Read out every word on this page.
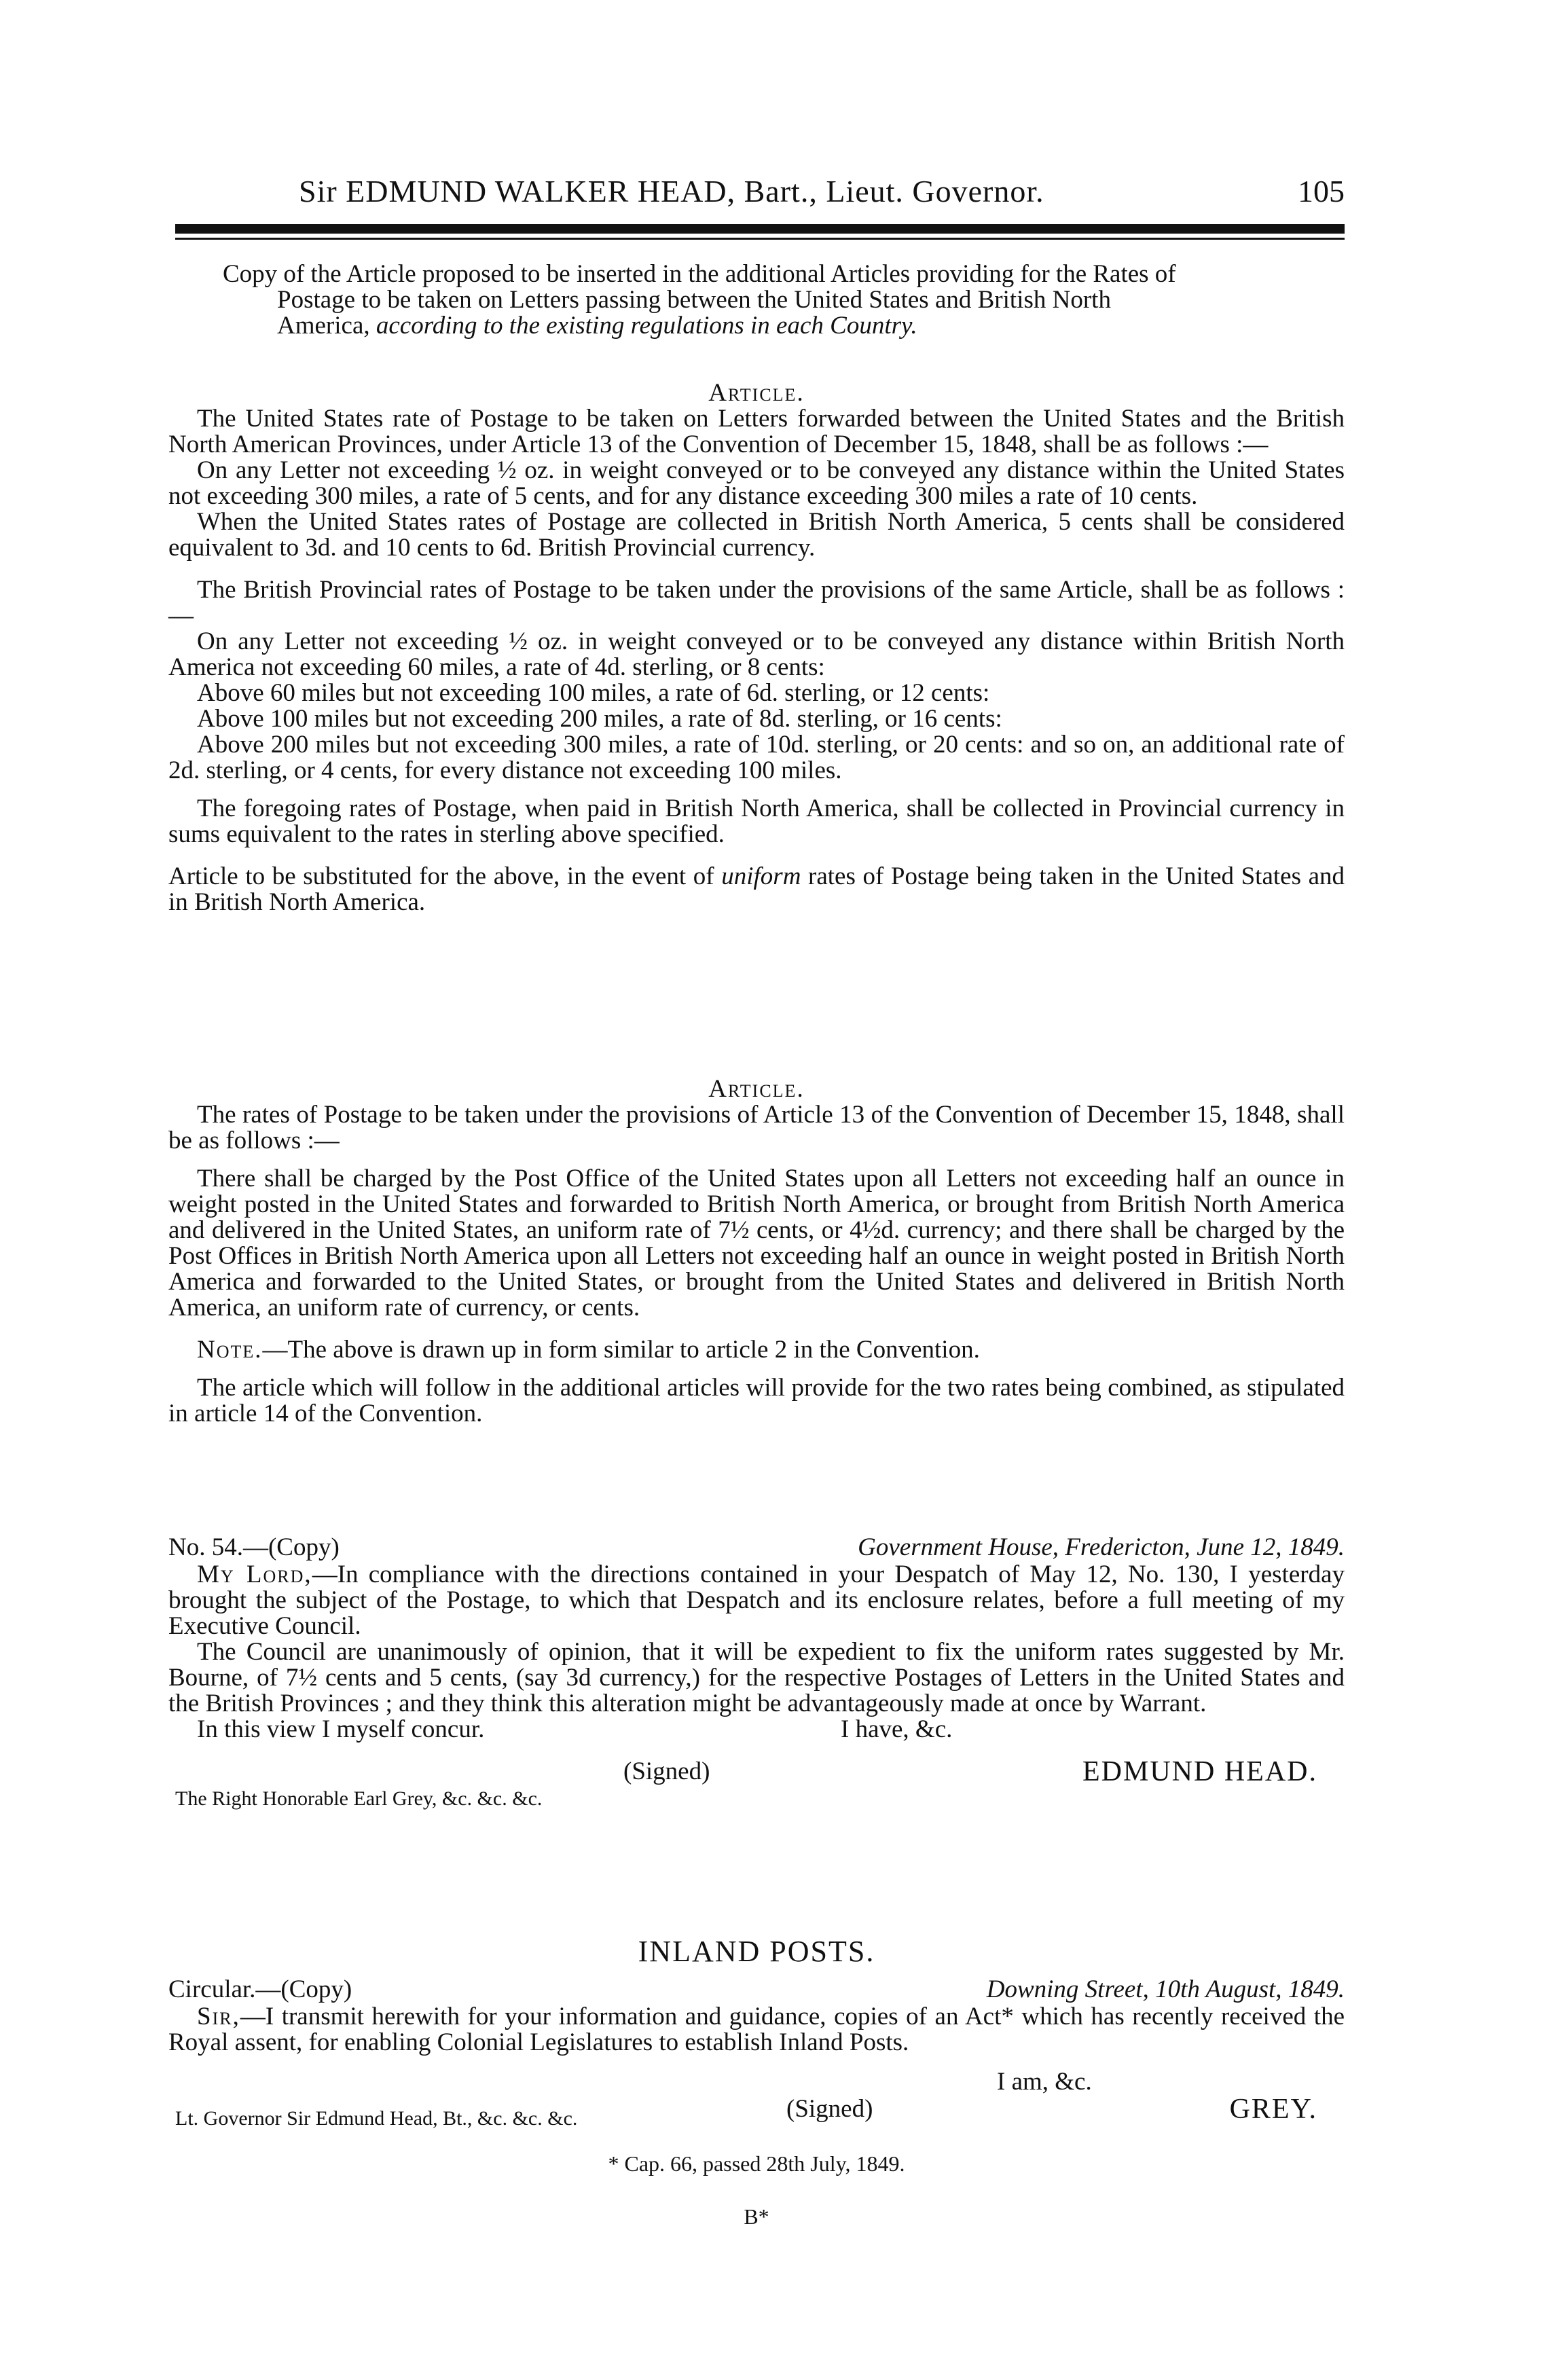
Sir EDMUND WALKER HEAD, Bart., Lieut. Governor.	105

Copy of the Article proposed to be inserted in the additional Articles providing for the Rates of

Postage to be taken on Letters passing between the United States and British North

America, according to the existing regulations in each Country.

Article.

The United States rate of Postage to be taken on Letters forwarded between the United States and the British North American Provinces, under Article 13 of the Convention of December 15, 1848, shall be as follows :—

On any Letter not exceeding ½ oz. in weight conveyed or to be conveyed any distance within the United States not exceeding 300 miles, a rate of 5 cents, and for any distance exceeding 300 miles a rate of 10 cents.

When the United States rates of Postage are collected in British North America, 5 cents shall be considered equivalent to 3d. and 10 cents to 6d. British Provincial currency.

The British Provincial rates of Postage to be taken under the provisions of the same Article, shall be as follows :—

On any Letter not exceeding ½ oz. in weight conveyed or to be conveyed any distance within British North America not exceeding 60 miles, a rate of 4d. sterling, or 8 cents:

Above 60 miles but not exceeding 100 miles, a rate of 6d. sterling, or 12 cents:

Above 100 miles but not exceeding 200 miles, a rate of 8d. sterling, or 16 cents:

Above 200 miles but not exceeding 300 miles, a rate of 10d. sterling, or 20 cents: and so on, an additional rate of 2d. sterling, or 4 cents, for every distance not exceeding 100 miles.

The foregoing rates of Postage, when paid in British North America, shall be collected in Provincial currency in sums equivalent to the rates in sterling above specified.

Article to be substituted for the above, in the event of uniform rates of Postage being taken in the United States and in British North America.

Article.

The rates of Postage to be taken under the provisions of Article 13 of the Convention of December 15, 1848, shall be as follows :—

There shall be charged by the Post Office of the United States upon all Letters not exceeding half an ounce in weight posted in the United States and forwarded to British North America, or brought from British North America and delivered in the United States, an uniform rate of 7½ cents, or 4½d. currency; and there shall be charged by the Post Offices in British North America upon all Letters not exceeding half an ounce in weight posted in British North America and forwarded to the United States, or brought from the United States and delivered in British North America, an uniform rate of currency, or cents.

Note.—The above is drawn up in form similar to article 2 in the Convention.

The article which will follow in the additional articles will provide for the two rates being combined, as stipulated in article 14 of the Convention.

No. 54.—(Copy)	Government House, Fredericton, June 12, 1849.

My Lord,—In compliance with the directions contained in your Despatch of May 12, No. 130, I yesterday brought the subject of the Postage, to which that Despatch and its enclosure relates, before a full meeting of my Executive Council.

The Council are unanimously of opinion, that it will be expedient to fix the uniform rates suggested by Mr. Bourne, of 7½ cents and 5 cents, (say 3d currency,) for the respective Postages of Letters in the United States and the British Provinces ; and they think this alteration might be advantageously made at once by Warrant.

In this view I myself concur.	I have, &c.
(Signed)	EDMUND HEAD.
The Right Honorable Earl Grey, &c. &c. &c.

INLAND POSTS.

Circular.—(Copy)	Downing Street, 10th August, 1849.

Sir,—I transmit herewith for your information and guidance, copies of an Act* which has recently received the Royal assent, for enabling Colonial Legislatures to establish Inland Posts.

I am, &c.
Lt. Governor Sir Edmund Head, Bt., &c. &c. &c.	(Signed)	GREY.

* Cap. 66, passed 28th July, 1849.

B*
